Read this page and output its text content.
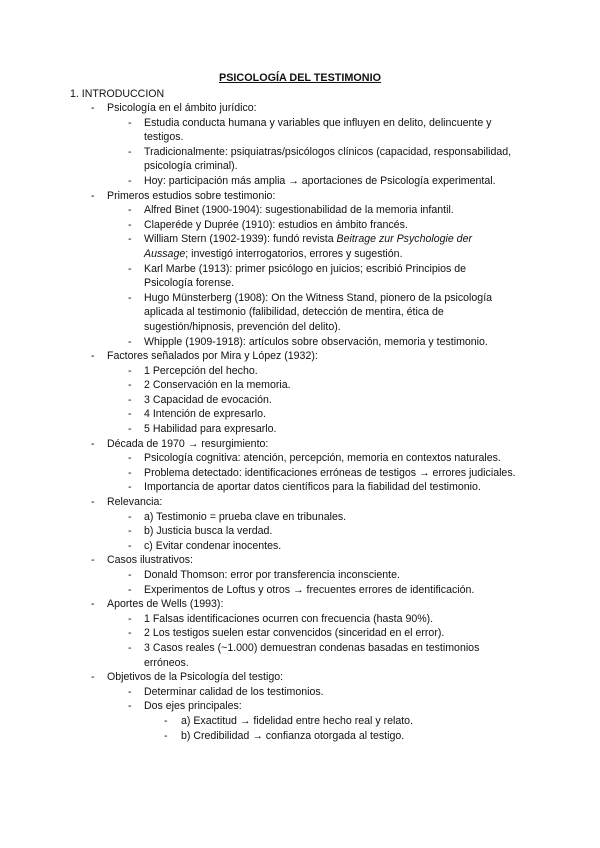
PSICOLOGÍA DEL TESTIMONIO
1. INTRODUCCION
- Psicología en el ámbito jurídico:
- Estudia conducta humana y variables que influyen en delito, delincuente y testigos.
- Tradicionalmente: psiquiatras/psicólogos clínicos (capacidad, responsabilidad, psicología criminal).
- Hoy: participación más amplia → aportaciones de Psicología experimental.
- Primeros estudios sobre testimonio:
- Alfred Binet (1900-1904): sugestionabilidad de la memoria infantil.
- Claperéde y Duprée (1910): estudios en ámbito francés.
- William Stern (1902-1939): fundó revista Beitrage zur Psychologie der Aussage; investigó interrogatorios, errores y sugestión.
- Karl Marbe (1913): primer psicólogo en juicios; escribió Principios de Psicología forense.
- Hugo Münsterberg (1908): On the Witness Stand, pionero de la psicología aplicada al testimonio (falibilidad, detección de mentira, ética de sugestión/hipnosis, prevención del delito).
- Whipple (1909-1918): artículos sobre observación, memoria y testimonio.
- Factores señalados por Mira y López (1932):
- 1 Percepción del hecho.
- 2 Conservación en la memoria.
- 3 Capacidad de evocación.
- 4 Intención de expresarlo.
- 5 Habilidad para expresarlo.
- Década de 1970 → resurgimiento:
- Psicología cognitiva: atención, percepción, memoria en contextos naturales.
- Problema detectado: identificaciones erróneas de testigos → errores judiciales.
- Importancia de aportar datos científicos para la fiabilidad del testimonio.
- Relevancia:
- a) Testimonio = prueba clave en tribunales.
- b) Justicia busca la verdad.
- c) Evitar condenar inocentes.
- Casos ilustrativos:
- Donald Thomson: error por transferencia inconsciente.
- Experimentos de Loftus y otros → frecuentes errores de identificación.
- Aportes de Wells (1993):
- 1 Falsas identificaciones ocurren con frecuencia (hasta 90%).
- 2 Los testigos suelen estar convencidos (sinceridad en el error).
- 3 Casos reales (~1.000) demuestran condenas basadas en testimonios erróneos.
- Objetivos de la Psicología del testigo:
- Determinar calidad de los testimonios.
- Dos ejes principales:
- a) Exactitud → fidelidad entre hecho real y relato.
- b) Credibilidad → confianza otorgada al testigo.
